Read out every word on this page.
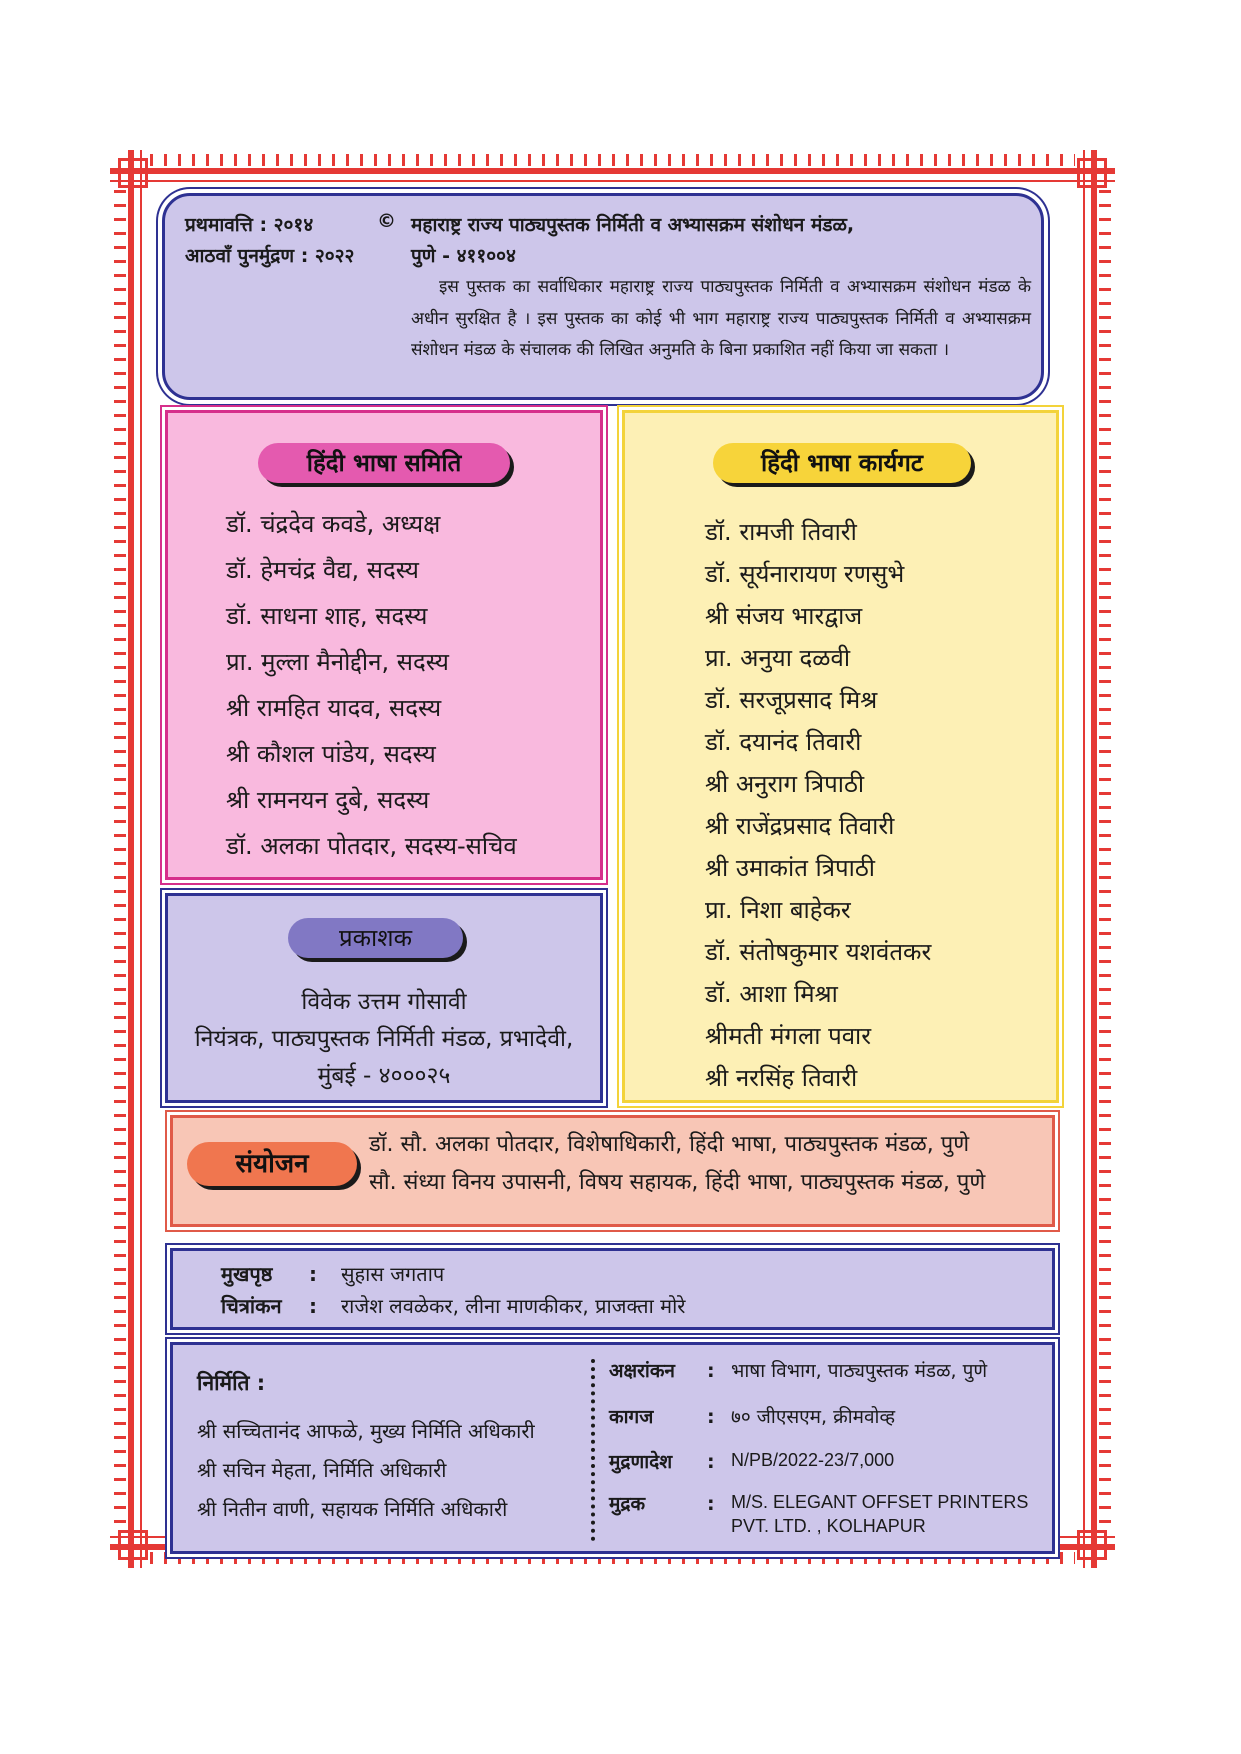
प्रथमावत्ति : २०१४
आठवाँ पुनर्मुद्रण : २०२२
© महाराष्ट्र राज्य पाठ्यपुस्तक निर्मिती व अभ्यासक्रम संशोधन मंडळ,
पुणे - ४११००४
इस पुस्तक का सर्वाधिकार महाराष्ट्र राज्य पाठ्यपुस्तक निर्मिती व अभ्यासक्रम संशोधन मंडळ के अधीन सुरक्षित है । इस पुस्तक का कोई भी भाग महाराष्ट्र राज्य पाठ्यपुस्तक निर्मिती व अभ्यासक्रम संशोधन मंडळ के संचालक की लिखित अनुमति के बिना प्रकाशित नहीं किया जा सकता ।
हिंदी भाषा समिति
डॉ. चंद्रदेव कवडे, अध्यक्ष
डॉ. हेमचंद्र वैद्य, सदस्य
डॉ. साधना शाह, सदस्य
प्रा. मुल्ला मैनोद्दीन, सदस्य
श्री रामहित यादव, सदस्य
श्री कौशल पांडेय, सदस्य
श्री रामनयन दुबे, सदस्य
डॉ. अलका पोतदार, सदस्य-सचिव
हिंदी भाषा कार्यगट
डॉ. रामजी तिवारी
डॉ. सूर्यनारायण रणसुभे
श्री संजय भारद्वाज
प्रा. अनुया दळवी
डॉ. सरजूप्रसाद मिश्र
डॉ. दयानंद तिवारी
श्री अनुराग त्रिपाठी
श्री राजेंद्रप्रसाद तिवारी
श्री उमाकांत त्रिपाठी
प्रा. निशा बाहेकर
डॉ. संतोषकुमार यशवंतकर
डॉ. आशा मिश्रा
श्रीमती मंगला पवार
श्री नरसिंह तिवारी
प्रकाशक
विवेक उत्तम गोसावी
नियंत्रक, पाठ्यपुस्तक निर्मिती मंडळ, प्रभादेवी,
मुंबई - ४०००२५
संयोजन
डॉ. सौ. अलका पोतदार, विशेषाधिकारी, हिंदी भाषा, पाठ्यपुस्तक मंडळ, पुणे
सौ. संध्या विनय उपासनी, विषय सहायक, हिंदी भाषा, पाठ्यपुस्तक मंडळ, पुणे
मुखपृष्ठ : सुहास जगताप
चित्रांकन : राजेश लवळेकर, लीना माणकीकर, प्राजक्ता मोरे
निर्मिति :
श्री सच्चितानंद आफळे, मुख्य निर्मिति अधिकारी
श्री सचिन मेहता, निर्मिति अधिकारी
श्री नितीन वाणी, सहायक निर्मिति अधिकारी
अक्षरांकन : भाषा विभाग, पाठ्यपुस्तक मंडळ, पुणे
कागज	: ७० जीएसएम, क्रीमवोव्ह
मुद्रणादेश : N/PB/2022-23/7,000
मुद्रक	: M/S. ELEGANT OFFSET PRINTERS
PVT. LTD. , KOLHAPUR
